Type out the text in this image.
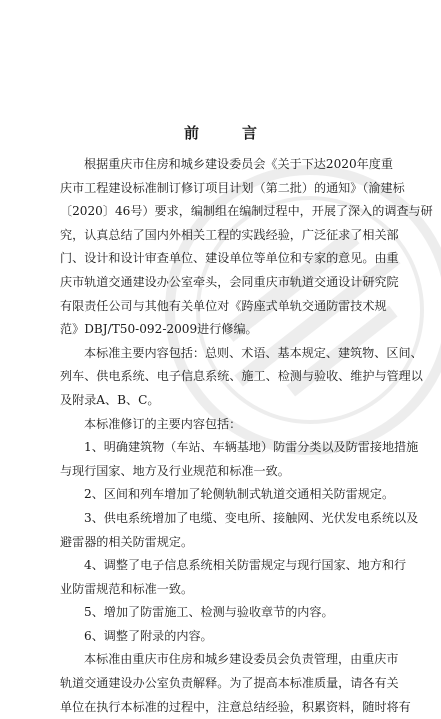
前　言
根据重庆市住房和城乡建设委员会《关于下达2020年度重
庆市工程建设标准制订修订项目计划（第二批）的通知》（渝建标
〔2020〕46号）要求，编制组在编制过程中，开展了深入的调查与研
究，认真总结了国内外相关工程的实践经验，广泛征求了相关部
门、设计和设计审查单位、建设单位等单位和专家的意见。由重
庆市轨道交通建设办公室牵头，会同重庆市轨道交通设计研究院
有限责任公司与其他有关单位对《跨座式单轨交通防雷技术规
范》DBJ/T50-092-2009进行修编。
本标准主要内容包括：总则、术语、基本规定、建筑物、区间、
列车、供电系统、电子信息系统、施工、检测与验收、维护与管理以
及附录A、B、C。
本标准修订的主要内容包括：
1、明确建筑物（车站、车辆基地）防雷分类以及防雷接地措施
与现行国家、地方及行业规范和标准一致。
2、区间和列车增加了轮侧轨制式轨道交通相关防雷规定。
3、供电系统增加了电缆、变电所、接触网、光伏发电系统以及
避雷器的相关防雷规定。
4、调整了电子信息系统相关防雷规定与现行国家、地方和行
业防雷规范和标准一致。
5、增加了防雷施工、检测与验收章节的内容。
6、调整了附录的内容。
本标准由重庆市住房和城乡建设委员会负责管理，由重庆市
轨道交通建设办公室负责解释。为了提高本标准质量，请各有关
单位在执行本标准的过程中，注意总结经验，积累资料，随时将有
